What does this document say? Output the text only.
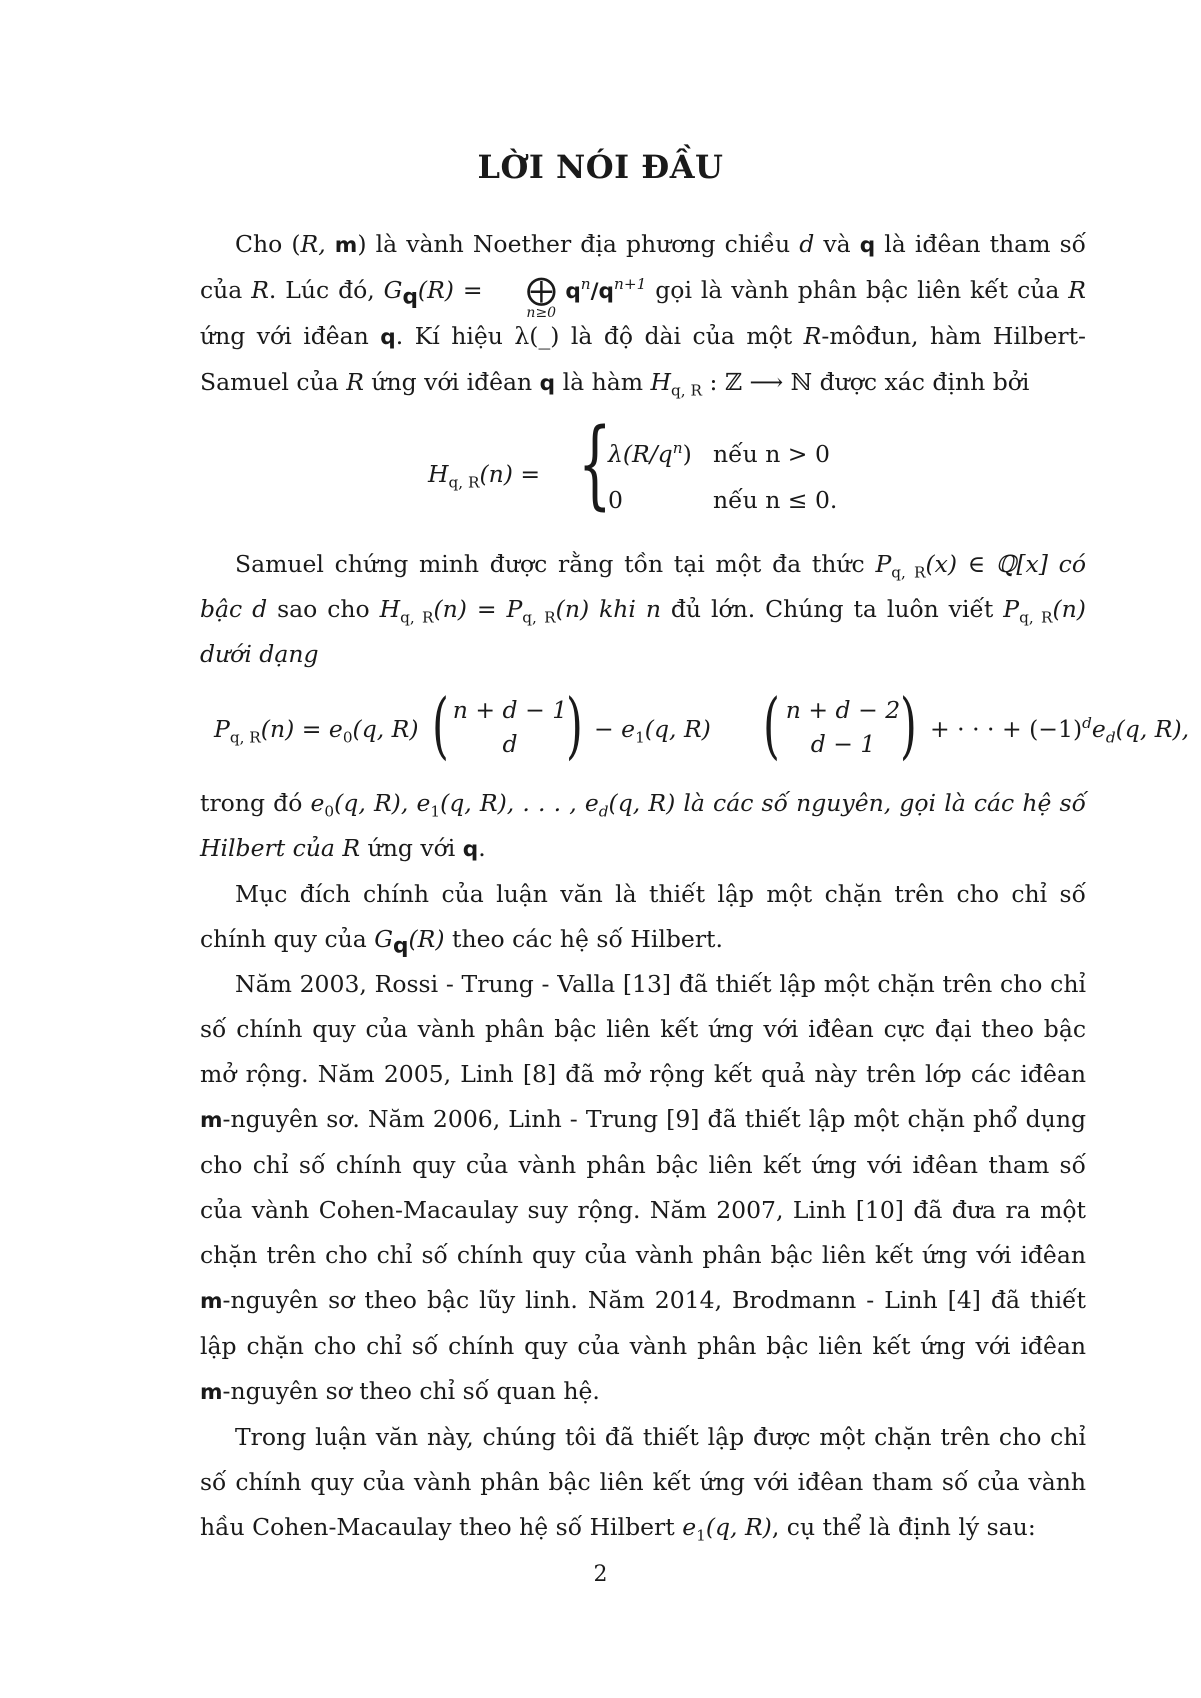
LỜI NÓI ĐẦU

Cho (R, m) là vành Noether địa phương chiều d và q là iđêan tham số của R. Lúc đó, $G_q(R)$ =	⨁
n≥0
$q^n/q^{n+1}$ gọi là vành phân bậc liên kết của R ứng với iđêan q. Kí hiệu λ(_) là độ dài của một R-môđun, hàm Hilbert-Samuel của R ứng với iđêan q là hàm $H_{q, R}$ : ℤ ⟶ ℕ được xác định bởi

$H_{q, R}(n)$ = {
$\lambda(R/q^n)$ nếu n > 0
0	nếu n ≤ 0.

Samuel chứng minh được rằng tồn tại một đa thức $P_{q, R}(x)$ ∈ ℚ[x] có bậc d sao cho $H_{q, R}(n) = P_{q, R}(n)$ khi n đủ lớn. Chúng ta luôn viết $P_{q, R}(n)$ dưới dạng

$P_{q, R}(n) = e_0(q$, R) ( n + d − 1
d ) − $e_1(q$, R) ( n + d − 2
d − 1 ) + · · · + $(-1)^de_d(q$, R),

trong đó $e_0(q$, R), $e_1(q$, R), . . . , $e_d(q$, R) là các số nguyên, gọi là các hệ số Hilbert của R ứng với q.

Mục đích chính của luận văn là thiết lập một chặn trên cho chỉ số chính quy của $G_q(R)$ theo các hệ số Hilbert.

Năm 2003, Rossi - Trung - Valla [13] đã thiết lập một chặn trên cho chỉ số chính quy của vành phân bậc liên kết ứng với iđêan cực đại theo bậc mở rộng. Năm 2005, Linh [8] đã mở rộng kết quả này trên lớp các iđêan m-nguyên sơ. Năm 2006, Linh - Trung [9] đã thiết lập một chặn phổ dụng cho chỉ số chính quy của vành phân bậc liên kết ứng với iđêan tham số của vành Cohen-Macaulay suy rộng. Năm 2007, Linh [10] đã đưa ra một chặn trên cho chỉ số chính quy của vành phân bậc liên kết ứng với iđêan m-nguyên sơ theo bậc lũy linh. Năm 2014, Brodmann - Linh [4] đã thiết lập chặn cho chỉ số chính quy của vành phân bậc liên kết ứng với iđêan m-nguyên sơ theo chỉ số quan hệ.

Trong luận văn này, chúng tôi đã thiết lập được một chặn trên cho chỉ số chính quy của vành phân bậc liên kết ứng với iđêan tham số của vành hầu Cohen-Macaulay theo hệ số Hilbert $e_1(q$, R), cụ thể là định lý sau:

2
